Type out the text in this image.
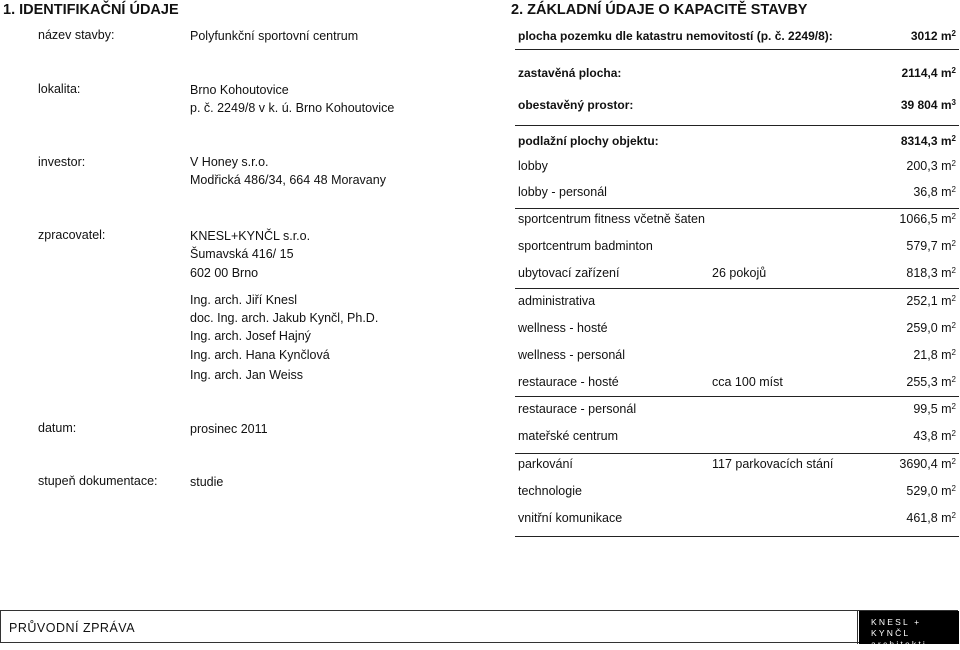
1. IDENTIFIKAČNÍ ÚDAJE
název stavby:	Polyfunkční sportovní centrum
lokalita:	Brno Kohoutovice
p. č. 2249/8 v k. ú. Brno Kohoutovice
investor:	V Honey s.r.o.
Modřická 486/34, 664 48 Moravany
zpracovatel:	KNESL+KYNČL s.r.o.
Šumavská 416/ 15
602 00 Brno
Ing. arch. Jiří Knesl
doc. Ing. arch. Jakub Kynčl, Ph.D.
Ing. arch. Josef Hajný
Ing. arch. Hana Kynčlová
Ing. arch. Jan Weiss
datum:	prosinec 2011
stupeň dokumentace:	studie
2. ZÁKLADNÍ ÚDAJE O KAPACITĚ STAVBY
plocha pozemku dle katastru nemovitostí (p. č. 2249/8):	3012 $m^2$
zastavěná plocha:	2114,4 $m^2$
obestavěný prostor:	39 804 $m^3$
podlažní plochy objektu:	8314,3 $m^2$
lobby	200,3 $m^2$
lobby - personál	36,8 $m^2$
sportcentrum fitness včetně šaten	1066,5 $m^2$
sportcentrum badminton	579,7 $m^2$
ubytovací zařízení	26 pokojů	818,3 $m^2$
administrativa	252,1 $m^2$
wellness - hosté	259,0 $m^2$
wellness - personál	21,8 $m^2$
restaurace - hosté	cca 100 míst	255,3 $m^2$
restaurace - personál	99,5 $m^2$
mateřské centrum	43,8 $m^2$
parkování	117 parkovacích stání	3690,4 $m^2$
technologie	529,0 $m^2$
vnitřní komunikace	461,8 $m^2$
PRŮVODNÍ ZPRÁVA	KNESL + KYNČL
architekti
